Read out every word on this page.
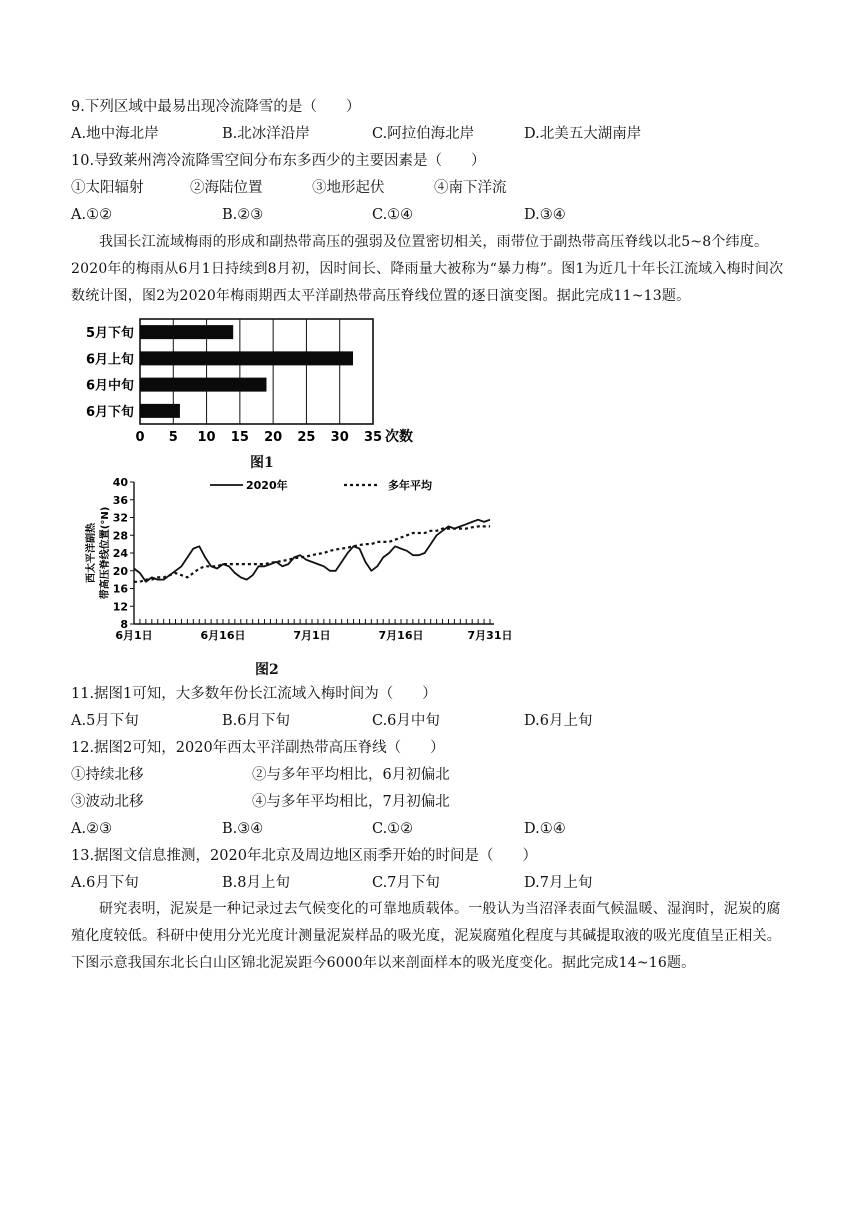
9.下列区域中最易出现冷流降雪的是（　　）
A.地中海北岸	B.北冰洋沿岸	C.阿拉伯海北岸	D.北美五大湖南岸
10.导致莱州湾冷流降雪空间分布东多西少的主要因素是（　　）
①太阳辐射	②海陆位置	③地形起伏	④南下洋流
A.①②	B.②③	C.①④	D.③④
我国长江流域梅雨的形成和副热带高压的强弱及位置密切相关，雨带位于副热带高压脊线以北5~8个纬度。2020年的梅雨从6月1日持续到8月初，因时间长、降雨量大被称为“暴力梅”。图1为近几十年长江流域入梅时间次数统计图，图2为2020年梅雨期西太平洋副热带高压脊线位置的逐日演变图。据此完成11~13题。
0 5 10 15 20 25 30 35 次数
5月下旬
6月上旬
6月中旬
6月下旬
图1
8
12
16
20
24
28
32
36
40
6月1日	6月16日	7月1日	7月16日	7月31日
西太平洋副热 带高压脊线位置(°N)
2020年	多年平均
图2
11.据图1可知，大多数年份长江流域入梅时间为（　　）
A.5月下旬	B.6月下旬	C.6月中旬	D.6月上旬
12.据图2可知，2020年西太平洋副热带高压脊线（　　）
①持续北移	②与多年平均相比，6月初偏北
③波动北移	④与多年平均相比，7月初偏北
A.②③	B.③④	C.①②	D.①④
13.据图文信息推测，2020年北京及周边地区雨季开始的时间是（　　）
A.6月下旬	B.8月上旬	C.7月下旬	D.7月上旬
研究表明，泥炭是一种记录过去气候变化的可靠地质载体。一般认为当沼泽表面气候温暖、湿润时，泥炭的腐殖化度较低。科研中使用分光光度计测量泥炭样品的吸光度，泥炭腐殖化程度与其碱提取液的吸光度值呈正相关。下图示意我国东北长白山区锦北泥炭距今6000年以来剖面样本的吸光度变化。据此完成14~16题。
